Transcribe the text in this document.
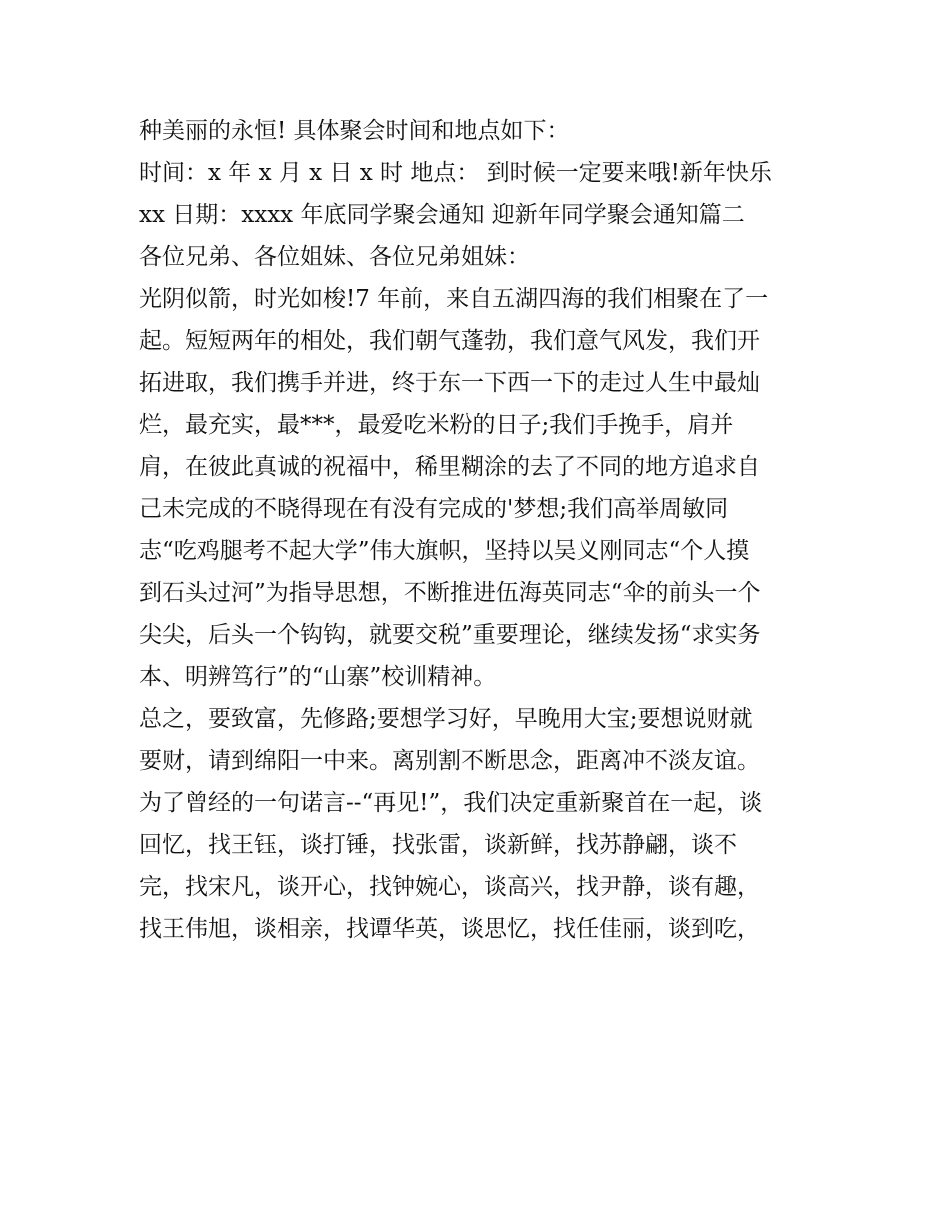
种美丽的永恒! 具体聚会时间和地点如下：

时间：x 年 x 月 x 日 x 时 地点： 到时候一定要来哦!新年快乐

xx 日期：xxxx 年底同学聚会通知 迎新年同学聚会通知篇二

各位兄弟、各位姐妹、各位兄弟姐妹：

光阴似箭，时光如梭!7 年前，来自五湖四海的我们相聚在了一

起。短短两年的相处，我们朝气蓬勃，我们意气风发，我们开

拓进取，我们携手并进，终于东一下西一下的走过人生中最灿

烂，最充实，最***，最爱吃米粉的日子;我们手挽手，肩并

肩，在彼此真诚的祝福中，稀里糊涂的去了不同的地方追求自

己未完成的不晓得现在有没有完成的'梦想;我们高举周敏同

志“吃鸡腿考不起大学”伟大旗帜，坚持以吴义刚同志“个人摸

到石头过河”为指导思想，不断推进伍海英同志“伞的前头一个

尖尖，后头一个钩钩，就要交税”重要理论，继续发扬“求实务

本、明辨笃行”的“山寨”校训精神。

总之，要致富，先修路;要想学习好，早晚用大宝;要想说财就

要财，请到绵阳一中来。离别割不断思念，距离冲不淡友谊。

为了曾经的一句诺言--“再见!”，我们决定重新聚首在一起，谈

回忆，找王钰，谈打锤，找张雷，谈新鲜，找苏静翩，谈不

完，找宋凡，谈开心，找钟婉心，谈高兴，找尹静，谈有趣，

找王伟旭，谈相亲，找谭华英，谈思忆，找任佳丽，谈到吃，
